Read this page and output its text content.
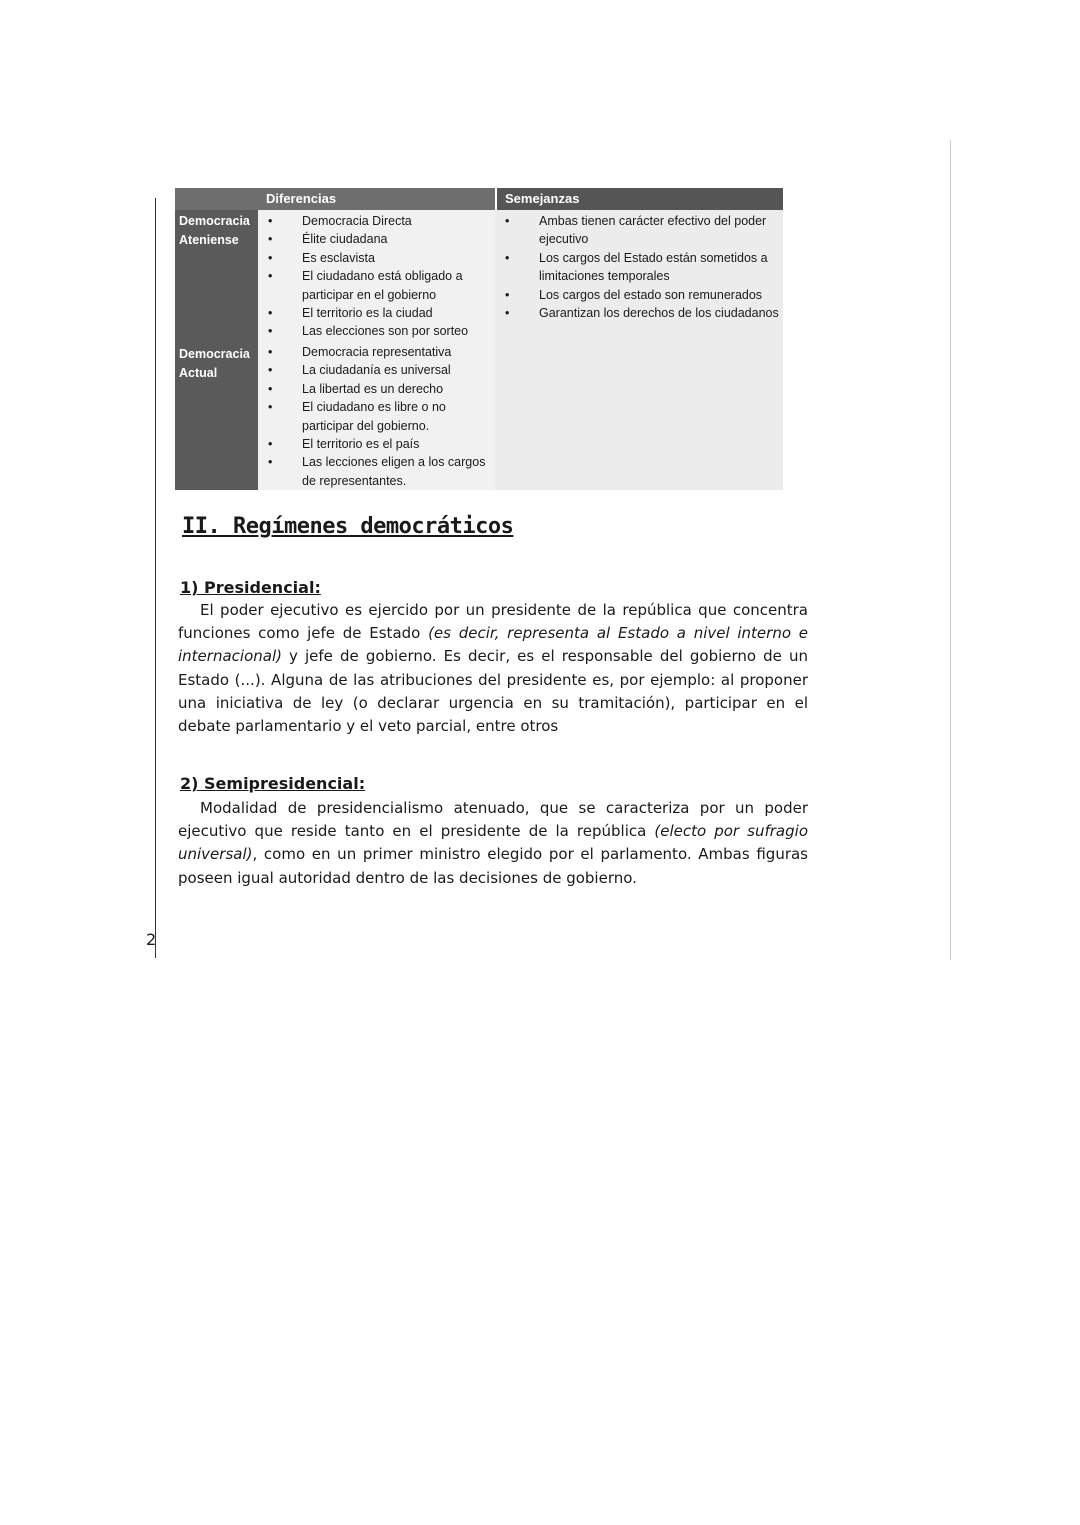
2
Diferencias	Semejanzas
Democracia Ateniense
• Democracia Directa
• Élite ciudadana
• Es esclavista
• El ciudadano está obligado a participar en el gobierno
• El territorio es la ciudad
• Las elecciones son por sorteo
Democracia Actual
• Democracia representativa
• La ciudadanía es universal
• La libertad es un derecho
• El ciudadano es libre o no participar del gobierno.
• El territorio es el país
• Las lecciones eligen a los cargos de representantes.
• Ambas tienen carácter efectivo del poder ejecutivo
• Los cargos del Estado están sometidos a limitaciones temporales
• Los cargos del estado son remunerados
• Garantizan los derechos de los ciudadanos
II. Regímenes democráticos
1) Presidencial:
El poder ejecutivo es ejercido por un presidente de la república que concentra funciones como jefe de Estado (es decir, representa al Estado a nivel interno e internacional) y jefe de gobierno. Es decir, es el responsable del gobierno de un Estado (...). Alguna de las atribuciones del presidente es, por ejemplo: al proponer una iniciativa de ley (o declarar urgencia en su tramitación), participar en el debate parlamentario y el veto parcial, entre otros
2) Semipresidencial:
Modalidad de presidencialismo atenuado, que se caracteriza por un poder ejecutivo que reside tanto en el presidente de la república (electo por sufragio universal), como en un primer ministro elegido por el parlamento. Ambas figuras poseen igual autoridad dentro de las decisiones de gobierno.
